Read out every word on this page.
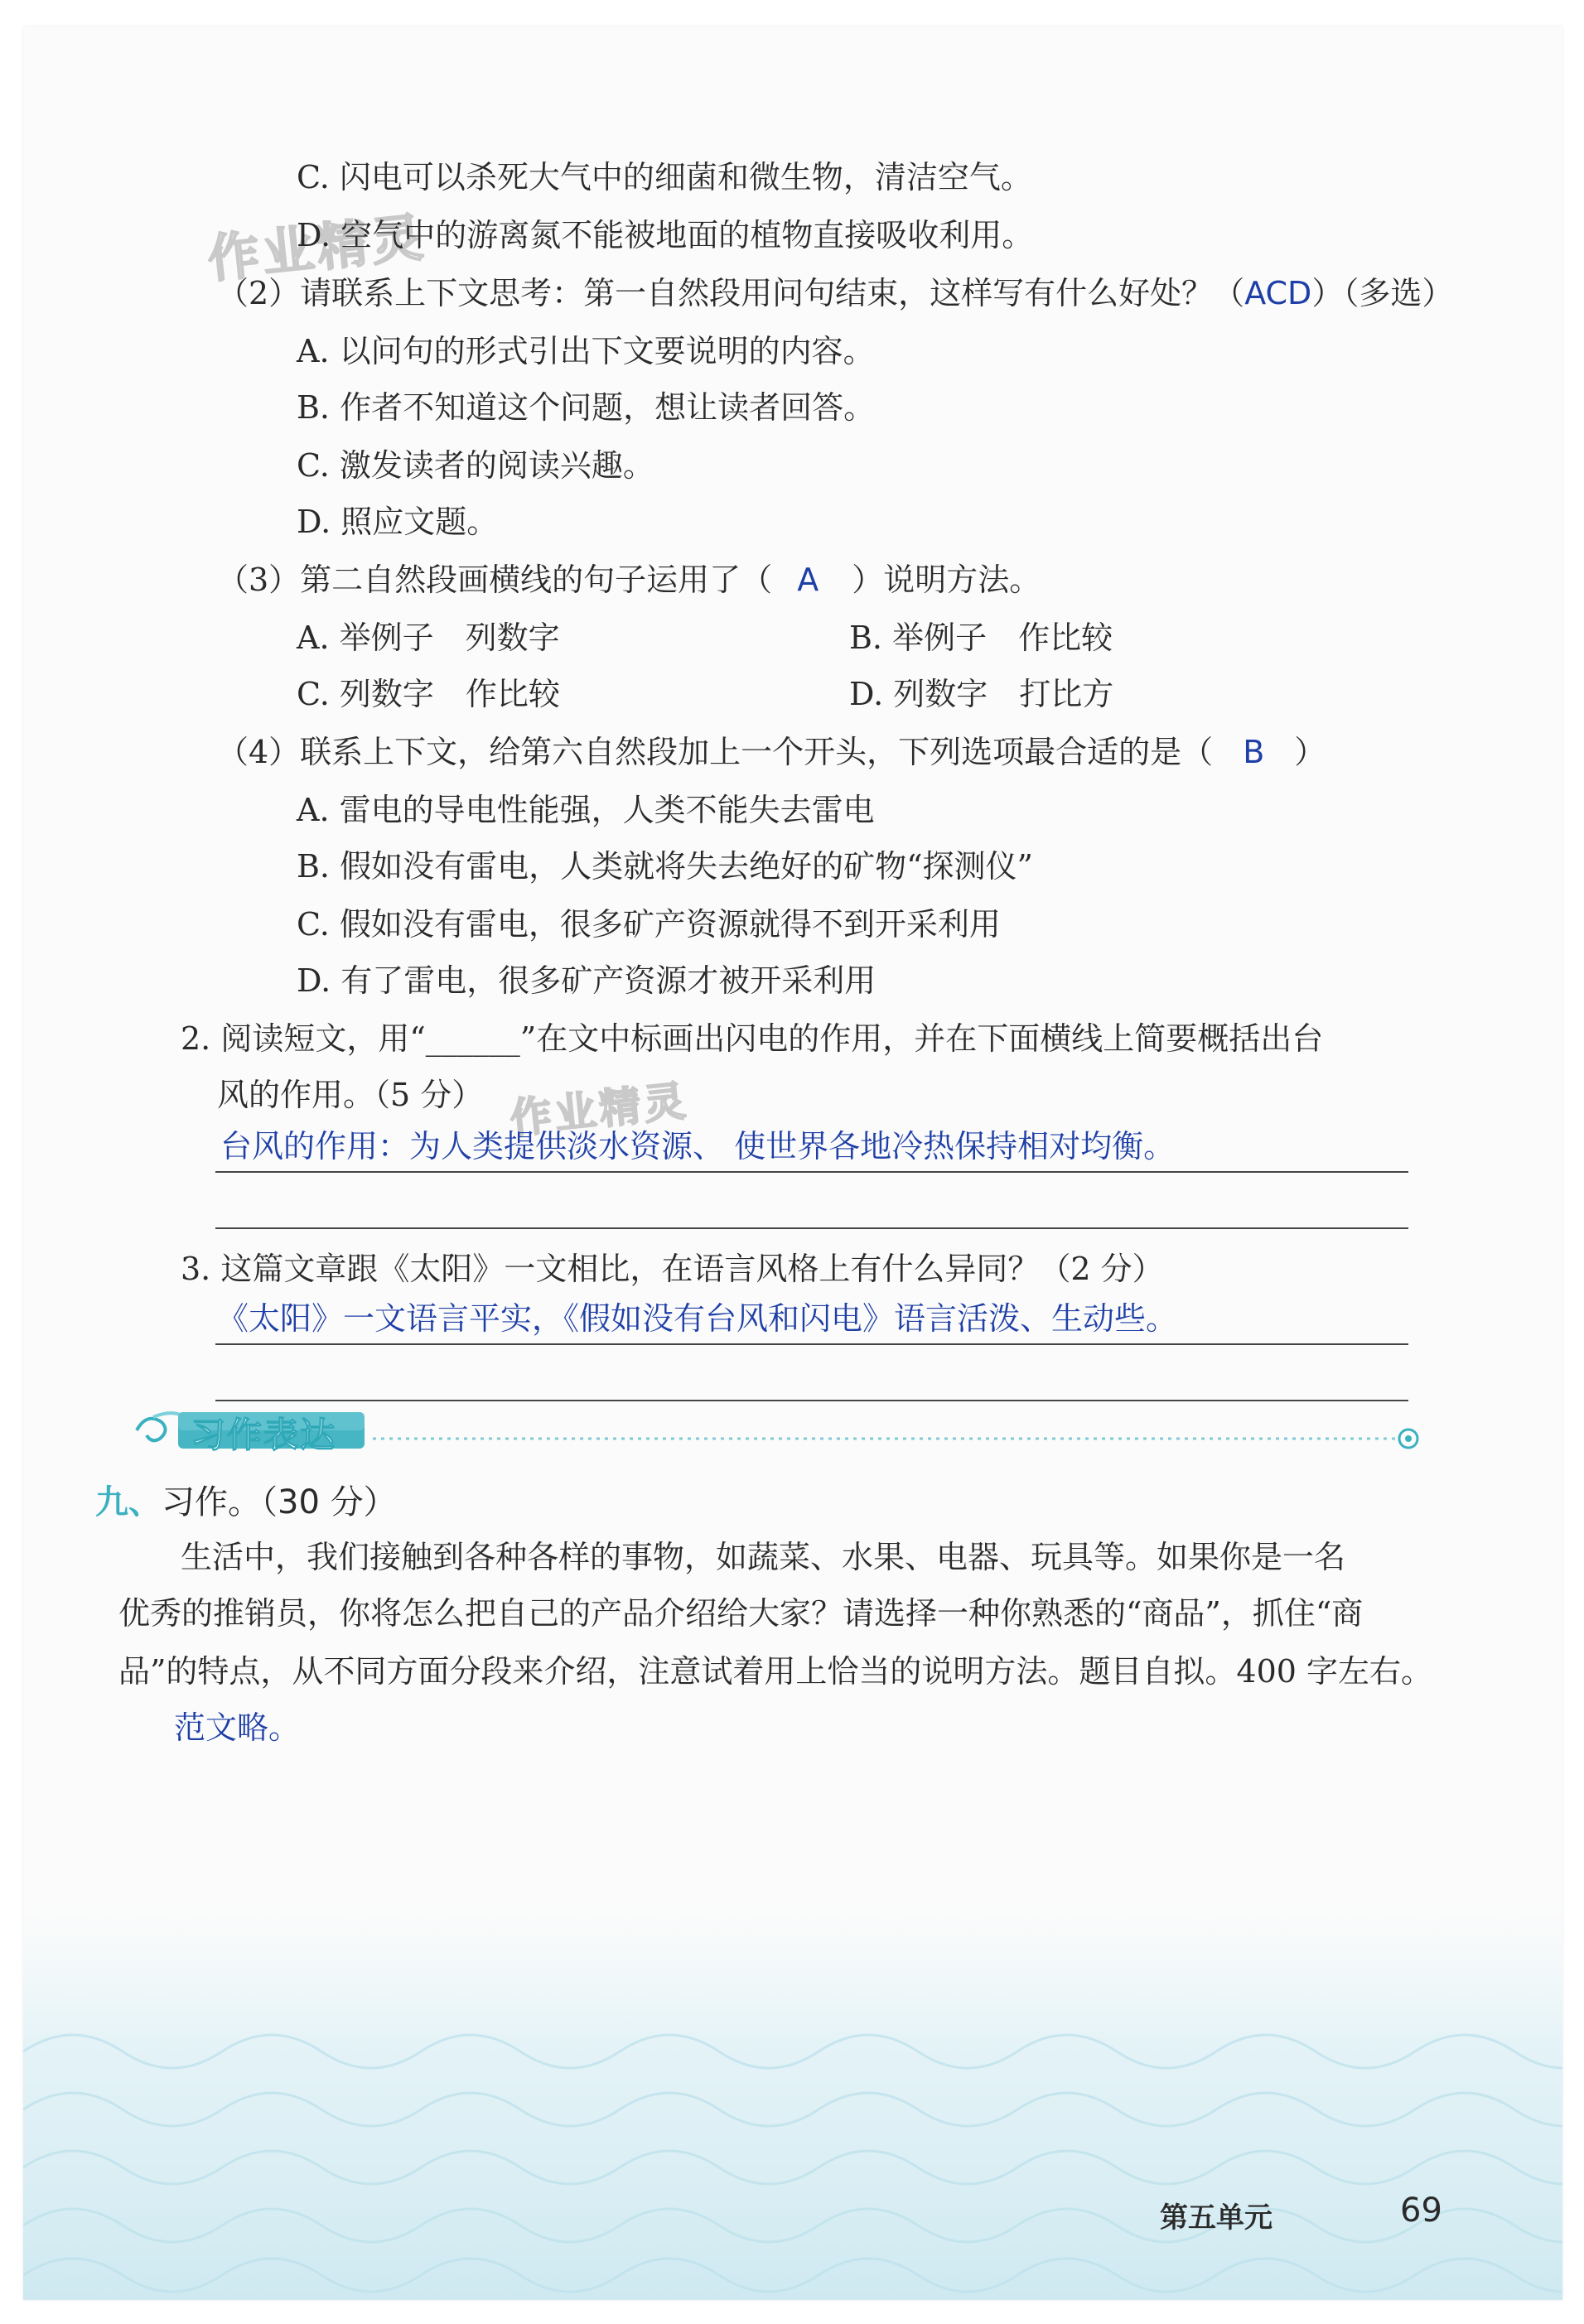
作业精灵
作业精灵
C. 闪电可以杀死大气中的细菌和微生物，清洁空气。
D. 空气中的游离氮不能被地面的植物直接吸收利用。
（2）请联系上下文思考：第一自然段用问句结束，这样写有什么好处？（ACD）（多选）
A. 以问句的形式引出下文要说明的内容。
B. 作者不知道这个问题，想让读者回答。
C. 激发读者的阅读兴趣。
D. 照应文题。
（3）第二自然段画横线的句子运用了（ A ）说明方法。
A. 举例子　列数字	B. 举例子　作比较
C. 列数字　作比较	D. 列数字　打比方
（4）联系上下文，给第六自然段加上一个开头，下列选项最合适的是（ B ）
A. 雷电的导电性能强，人类不能失去雷电
B. 假如没有雷电，人类就将失去绝好的矿物“探测仪”
C. 假如没有雷电，很多矿产资源就得不到开采利用
D. 有了雷电，很多矿产资源才被开采利用
2. 阅读短文，用“______”在文中标画出闪电的作用，并在下面横线上简要概括出台
风的作用。（5 分）
台风的作用：为人类提供淡水资源、 使世界各地冷热保持相对均衡。
3. 这篇文章跟《太阳》一文相比，在语言风格上有什么异同？（2 分）
《太阳》一文语言平实，《假如没有台风和闪电》语言活泼、生动些。
习作表达
九、习作。（30 分）
生活中，我们接触到各种各样的事物，如蔬菜、水果、电器、玩具等。如果你是一名
优秀的推销员，你将怎么把自己的产品介绍给大家？请选择一种你熟悉的“商品”，抓住“商
品”的特点，从不同方面分段来介绍，注意试着用上恰当的说明方法。题目自拟。400 字左右。
范文略。
第五单元	69
